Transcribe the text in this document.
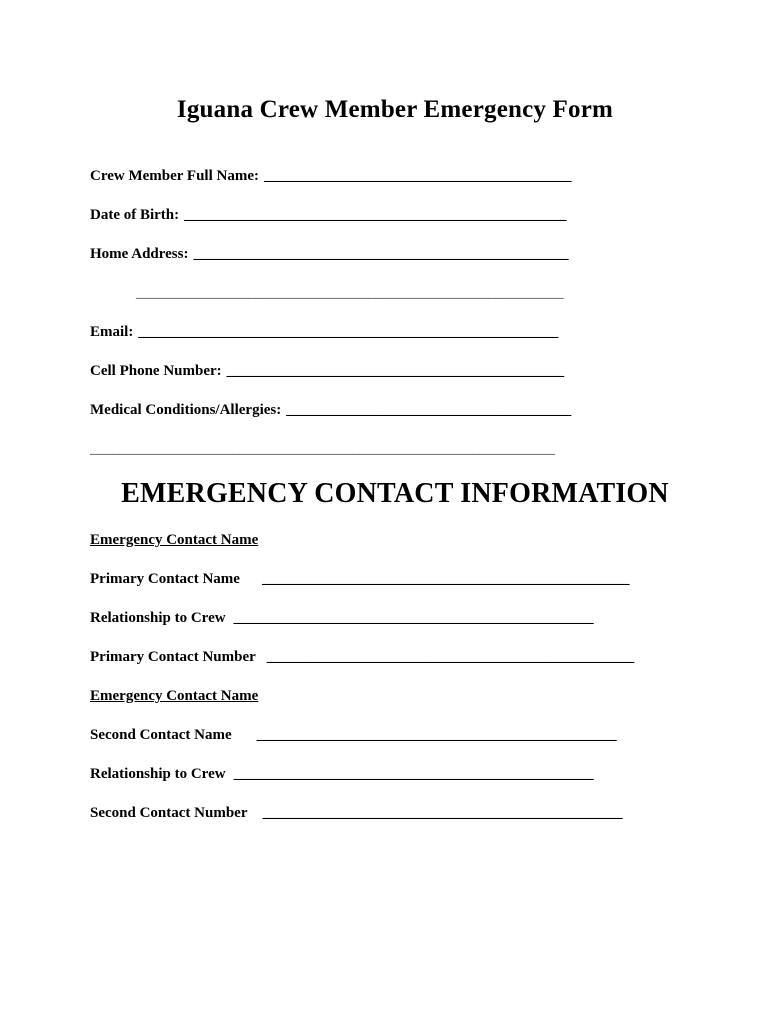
Iguana Crew Member Emergency Form
Crew Member Full Name: _________________________________________
Date of Birth: ___________________________________________________
Home Address: __________________________________________________
_________________________________________________________
Email: ________________________________________________________
Cell Phone Number: _____________________________________________
Medical Conditions/Allergies: ______________________________________
______________________________________________________________
EMERGENCY CONTACT INFORMATION
Emergency Contact Name
Primary Contact Name _________________________________________________
Relationship to Crew ________________________________________________
Primary Contact Number _________________________________________________
Emergency Contact Name
Second Contact Name ________________________________________________
Relationship to Crew ________________________________________________
Second Contact Number ________________________________________________
